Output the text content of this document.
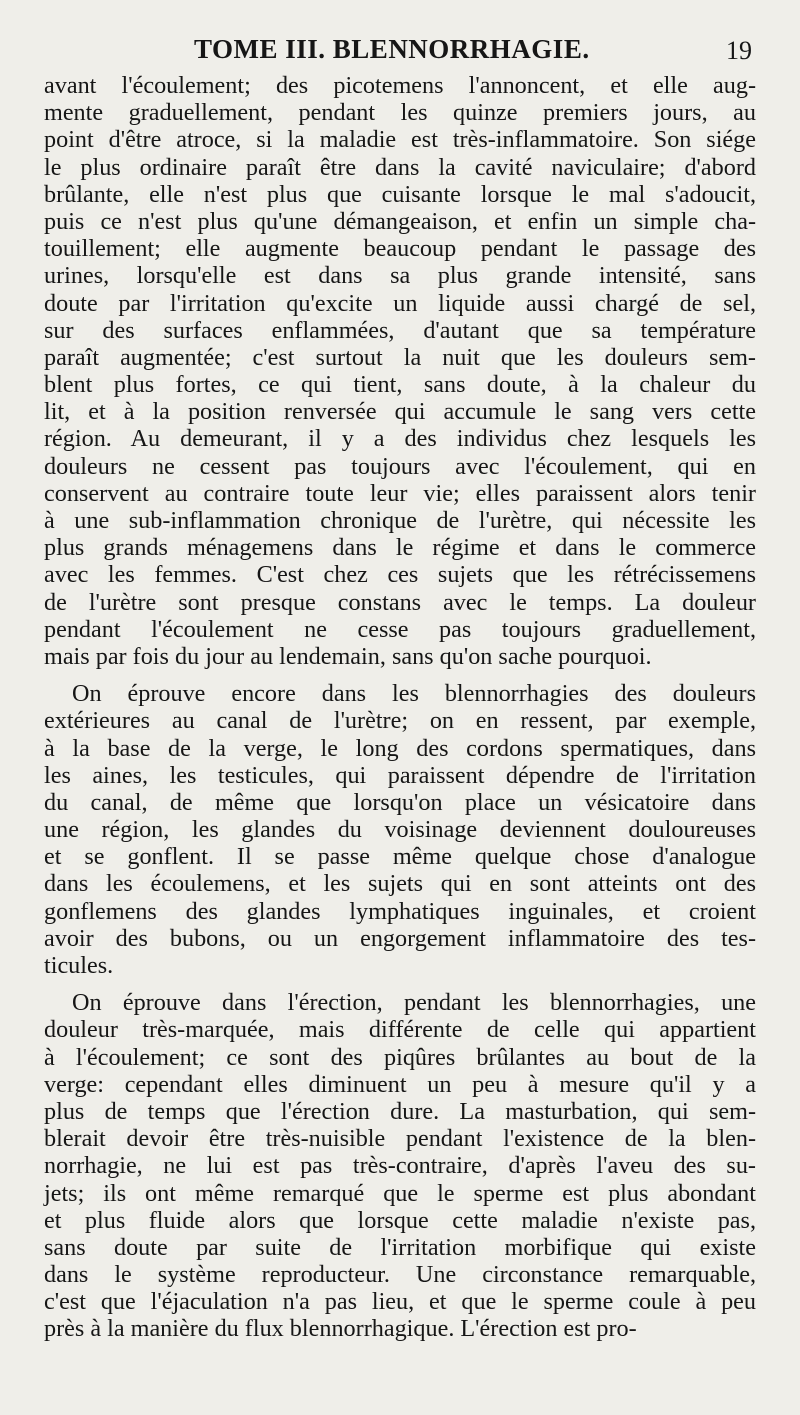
TOME III. BLENNORRHAGIE.	19
avant l'écoulement; des picotemens l'annoncent, et elle aug-
mente graduellement, pendant les quinze premiers jours, au
point d'être atroce, si la maladie est très-inflammatoire. Son siége
le plus ordinaire paraît être dans la cavité naviculaire; d'abord
brûlante, elle n'est plus que cuisante lorsque le mal s'adoucit,
puis ce n'est plus qu'une démangeaison, et enfin un simple cha-
touillement; elle augmente beaucoup pendant le passage des
urines, lorsqu'elle est dans sa plus grande intensité, sans
doute par l'irritation qu'excite un liquide aussi chargé de sel,
sur des surfaces enflammées, d'autant que sa température
paraît augmentée; c'est surtout la nuit que les douleurs sem-
blent plus fortes, ce qui tient, sans doute, à la chaleur du
lit, et à la position renversée qui accumule le sang vers cette
région. Au demeurant, il y a des individus chez lesquels les
douleurs ne cessent pas toujours avec l'écoulement, qui en
conservent au contraire toute leur vie; elles paraissent alors tenir
à une sub-inflammation chronique de l'urètre, qui nécessite les
plus grands ménagemens dans le régime et dans le commerce
avec les femmes. C'est chez ces sujets que les rétrécissemens
de l'urètre sont presque constans avec le temps. La douleur
pendant l'écoulement ne cesse pas toujours graduellement,
mais par fois du jour au lendemain, sans qu'on sache pourquoi.
On éprouve encore dans les blennorrhagies des douleurs
extérieures au canal de l'urètre; on en ressent, par exemple,
à la base de la verge, le long des cordons spermatiques, dans
les aines, les testicules, qui paraissent dépendre de l'irritation
du canal, de même que lorsqu'on place un vésicatoire dans
une région, les glandes du voisinage deviennent douloureuses
et se gonflent. Il se passe même quelque chose d'analogue
dans les écoulemens, et les sujets qui en sont atteints ont des
gonflemens des glandes lymphatiques inguinales, et croient
avoir des bubons, ou un engorgement inflammatoire des tes-
ticules.
On éprouve dans l'érection, pendant les blennorrhagies, une
douleur très-marquée, mais différente de celle qui appartient
à l'écoulement; ce sont des piqûres brûlantes au bout de la
verge: cependant elles diminuent un peu à mesure qu'il y a
plus de temps que l'érection dure. La masturbation, qui sem-
blerait devoir être très-nuisible pendant l'existence de la blen-
norrhagie, ne lui est pas très-contraire, d'après l'aveu des su-
jets; ils ont même remarqué que le sperme est plus abondant
et plus fluide alors que lorsque cette maladie n'existe pas,
sans doute par suite de l'irritation morbifique qui existe
dans le système reproducteur. Une circonstance remarquable,
c'est que l'éjaculation n'a pas lieu, et que le sperme coule à peu
près à la manière du flux blennorrhagique. L'érection est pro-
